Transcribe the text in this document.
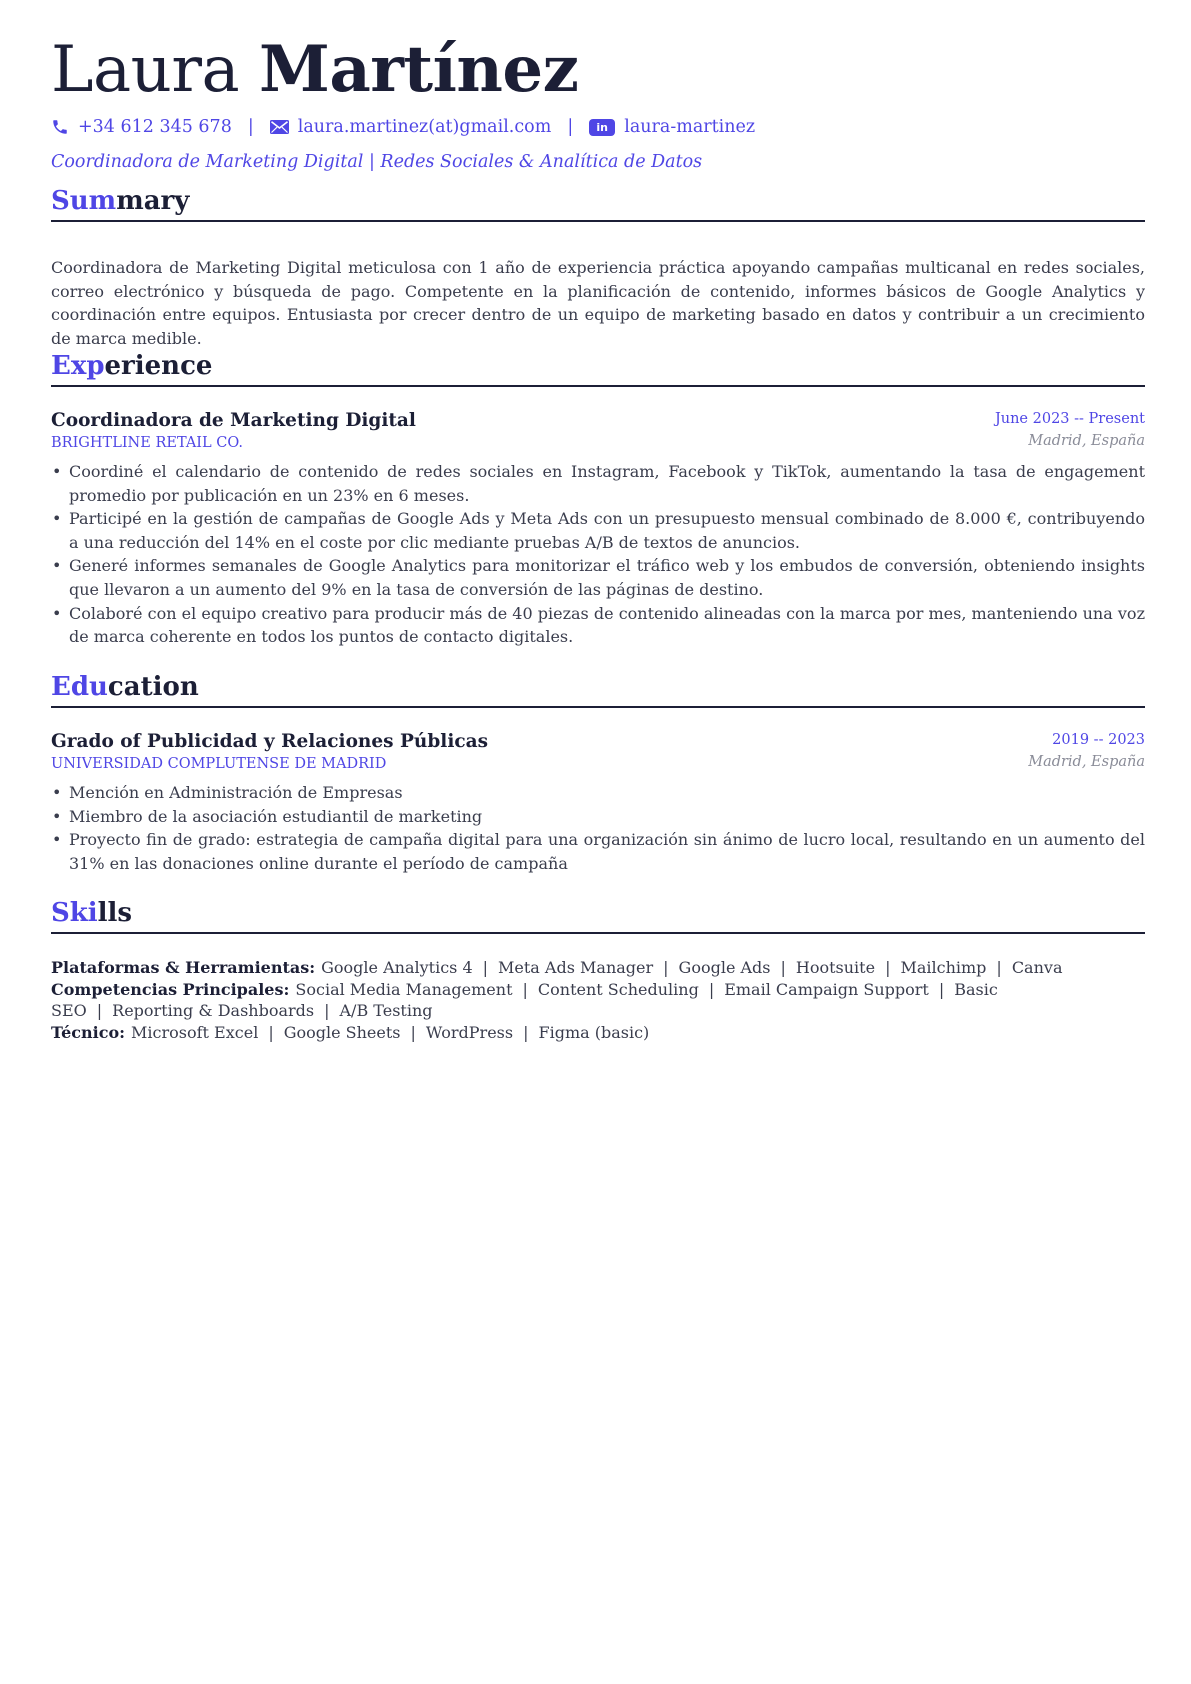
Laura Martínez
+34 612 345 678 |	laura.martinez(at)gmail.com |	in laura-martinez
Coordinadora de Marketing Digital | Redes Sociales & Analítica de Datos
Summary

Coordinadora de Marketing Digital meticulosa con 1 año de experiencia práctica apoyando campañas multicanal en redes sociales, correo electrónico y búsqueda de pago. Competente en la planificación de contenido, informes básicos de Google Analytics y coordinación entre equipos. Entusiasta por crecer dentro de un equipo de marketing basado en datos y contribuir a un crecimiento de marca medible.

Experience
Coordinadora de Marketing Digital	June 2023 -- Present
BRIGHTLINE RETAIL CO.	Madrid, España
• Coordiné el calendario de contenido de redes sociales en Instagram, Facebook y TikTok, aumentando la tasa de engagement promedio por publicación en un 23% en 6 meses.
• Participé en la gestión de campañas de Google Ads y Meta Ads con un presupuesto mensual combinado de 8.000 €, contribuyendo a una reducción del 14% en el coste por clic mediante pruebas A/B de textos de anuncios.
• Generé informes semanales de Google Analytics para monitorizar el tráfico web y los embudos de conversión, obteniendo insights que llevaron a un aumento del 9% en la tasa de conversión de las páginas de destino.
• Colaboré con el equipo creativo para producir más de 40 piezas de contenido alineadas con la marca por mes, manteniendo una voz de marca coherente en todos los puntos de contacto digitales.
Education
Grado of Publicidad y Relaciones Públicas	2019 -- 2023
UNIVERSIDAD COMPLUTENSE DE MADRID	Madrid, España
• Mención en Administración de Empresas
• Miembro de la asociación estudiantil de marketing
• Proyecto fin de grado: estrategia de campaña digital para una organización sin ánimo de lucro local, resultando en un aumento del 31% en las donaciones online durante el período de campaña
Skills

Plataformas & Herramientas: Google Analytics 4 | Meta Ads Manager | Google Ads | Hootsuite | Mailchimp | Canva

Competencias Principales: Social Media Management | Content Scheduling | Email Campaign Support | Basic SEO | Reporting & Dashboards | A/B Testing

Técnico: Microsoft Excel | Google Sheets | WordPress | Figma (basic)
